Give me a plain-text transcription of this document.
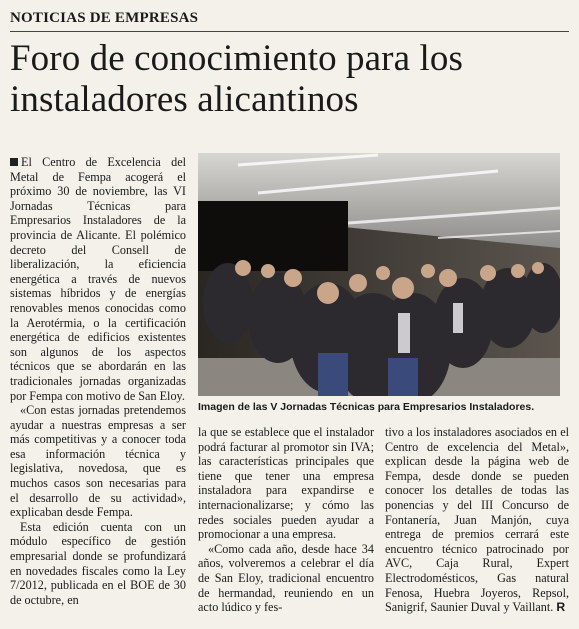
NOTICIAS DE EMPRESAS
Foro de conocimiento para los instaladores alicantinos

El Centro de Excelencia del Metal de Fempa acogerá el próximo 30 de noviembre, las VI Jornadas Técnicas para Empresarios Instaladores de la provincia de Alicante. El polémico decreto del Consell de liberalización, la eficiencia energética a través de nuevos sistemas híbridos y de energías renovables menos conocidas como la Aerotérmia, o la certificación energética de edificios existentes son algunos de los aspectos técnicos que se abordarán en las tradicionales jornadas organizadas por Fempa con motivo de San Eloy.

«Con estas jornadas pretendemos ayudar a nuestras empresas a ser más competitivas y a conocer toda esa información técnica y legislativa, novedosa, que es muchos casos son necesarias para el desarrollo de su actividad», explicaban desde Fempa.

Esta edición cuenta con un módulo específico de gestión empresarial donde se profundizará en novedades fiscales como la Ley 7/2012, publicada en el BOE de 30 de octubre, en

Imagen de las V Jornadas Técnicas para Empresarios Instaladores.

la que se establece que el instalador podrá facturar al promotor sin IVA; las características principales que tiene que tener una empresa instaladora para expandirse e internacionalizarse; y cómo las redes sociales pueden ayudar a promocionar a una empresa.

«Como cada año, desde hace 34 años, volveremos a celebrar el día de San Eloy, tradicional encuentro de hermandad, reuniendo en un acto lúdico y fes-

tivo a los instaladores asociados en el Centro de excelencia del Metal», explican desde la página web de Fempa, desde donde se pueden conocer los detalles de todas las ponencias y del III Concurso de Fontanería, Juan Manjón, cuya entrega de premios cerrará este encuentro técnico patrocinado por AVC, Caja Rural, Expert Electrodomésticos, Gas natural Fenosa, Huebra Joyeros, Repsol, Sanigrif, Saunier Duval y Vaillant. R
